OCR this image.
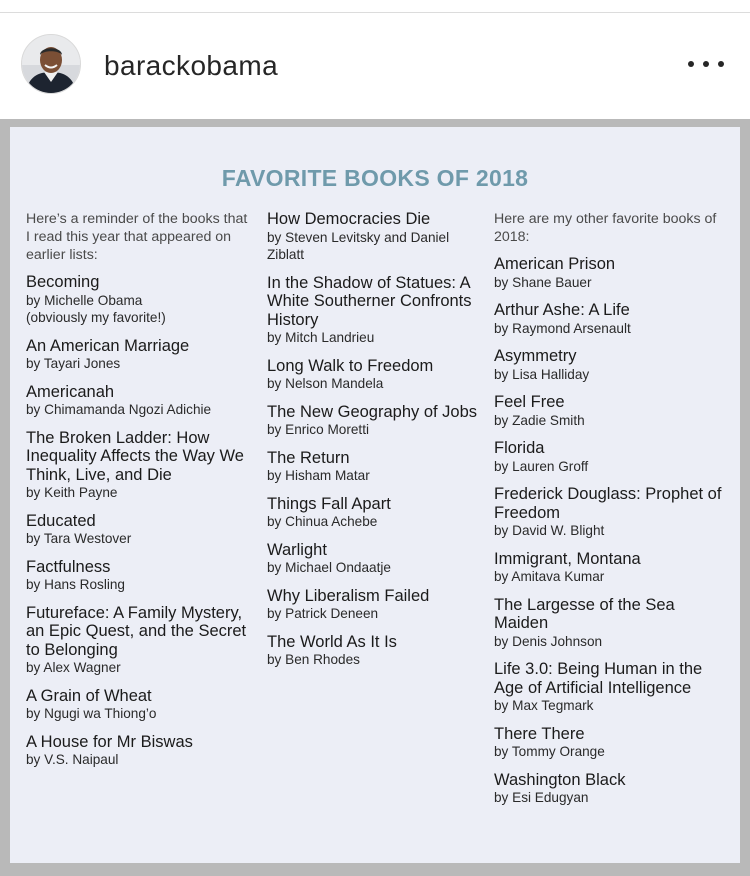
barackobama
FAVORITE BOOKS OF 2018
Here’s a reminder of the books that I read this year that appeared on earlier lists:
Becoming
by Michelle Obama
(obviously my favorite!)
An American Marriage
by Tayari Jones
Americanah
by Chimamanda Ngozi Adichie
The Broken Ladder: How Inequality Affects the Way We Think, Live, and Die
by Keith Payne
Educated
by Tara Westover
Factfulness
by Hans Rosling
Futureface: A Family Mystery, an Epic Quest, and the Secret to Belonging
by Alex Wagner
A Grain of Wheat
by Ngugi wa Thiong’o
A House for Mr Biswas
by V.S. Naipaul
How Democracies Die
by Steven Levitsky and Daniel Ziblatt
In the Shadow of Statues: A White Southerner Confronts History
by Mitch Landrieu
Long Walk to Freedom
by Nelson Mandela
The New Geography of Jobs
by Enrico Moretti
The Return
by Hisham Matar
Things Fall Apart
by Chinua Achebe
Warlight
by Michael Ondaatje
Why Liberalism Failed
by Patrick Deneen
The World As It Is
by Ben Rhodes
Here are my other favorite books of 2018:
American Prison
by Shane Bauer
Arthur Ashe: A Life
by Raymond Arsenault
Asymmetry
by Lisa Halliday
Feel Free
by Zadie Smith
Florida
by Lauren Groff
Frederick Douglass: Prophet of Freedom
by David W. Blight
Immigrant, Montana
by Amitava Kumar
The Largesse of the Sea Maiden
by Denis Johnson
Life 3.0: Being Human in the Age of Artificial Intelligence
by Max Tegmark
There There
by Tommy Orange
Washington Black
by Esi Edugyan
